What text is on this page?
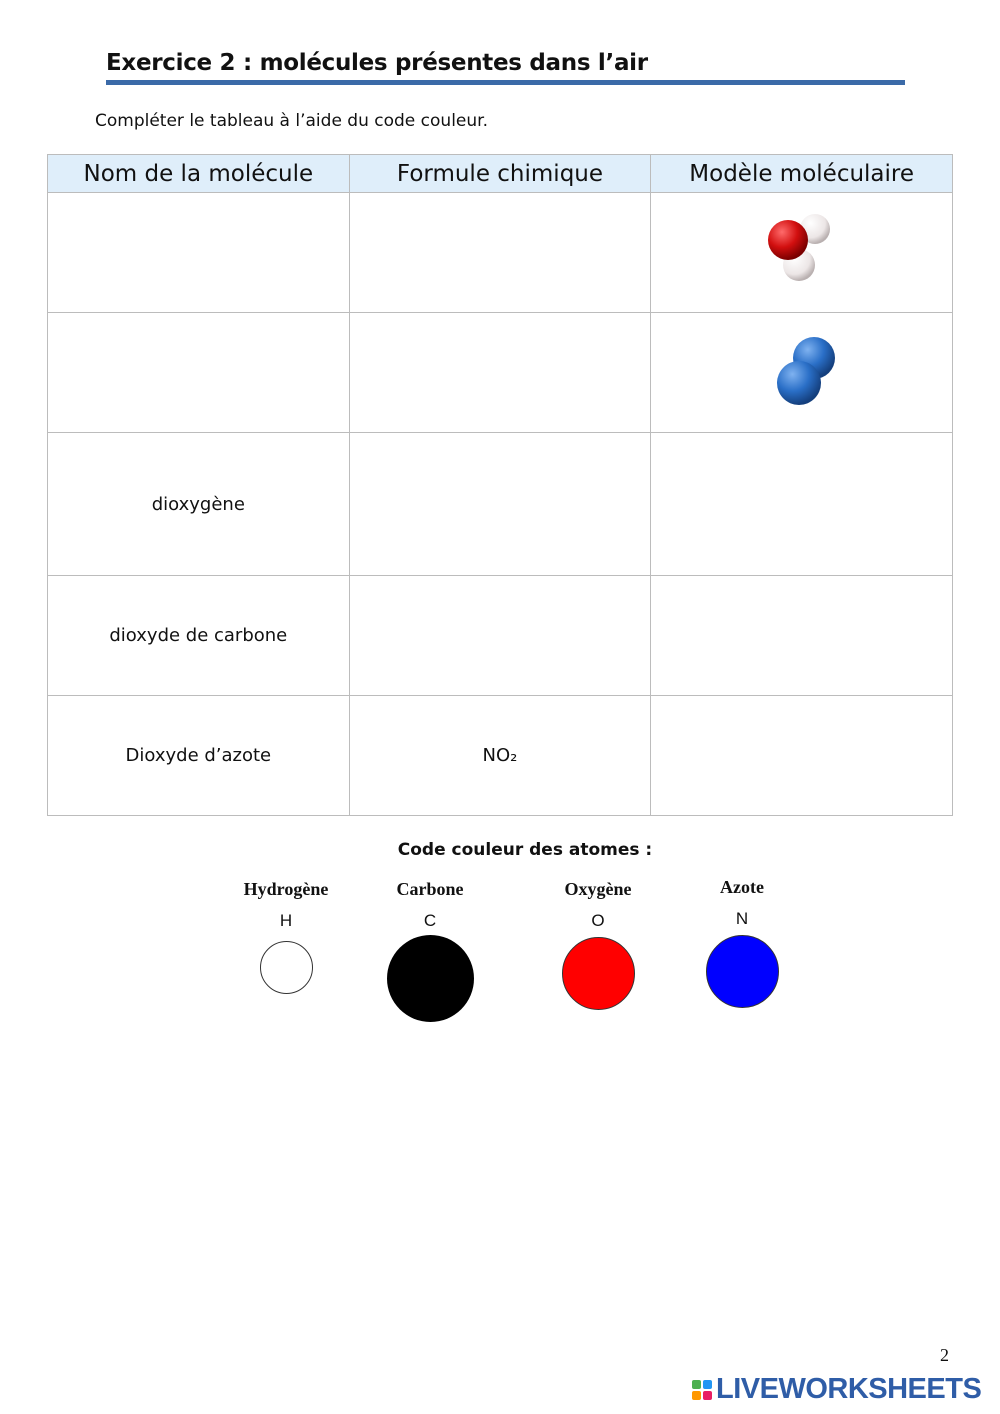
Exercice 2 : molécules présentes dans l’air

Compléter le tableau à l’aide du code couleur.

Nom de la molécule	Formule chimique	Modèle moléculaire

dioxygène		
dioxyde de carbone		
Dioxyde d’azote	NO₂	

Code couleur des atomes :

Hydrogène
H
Carbone
C
Oxygène
O
Azote
N
2
LIVEWORKSHEETS
